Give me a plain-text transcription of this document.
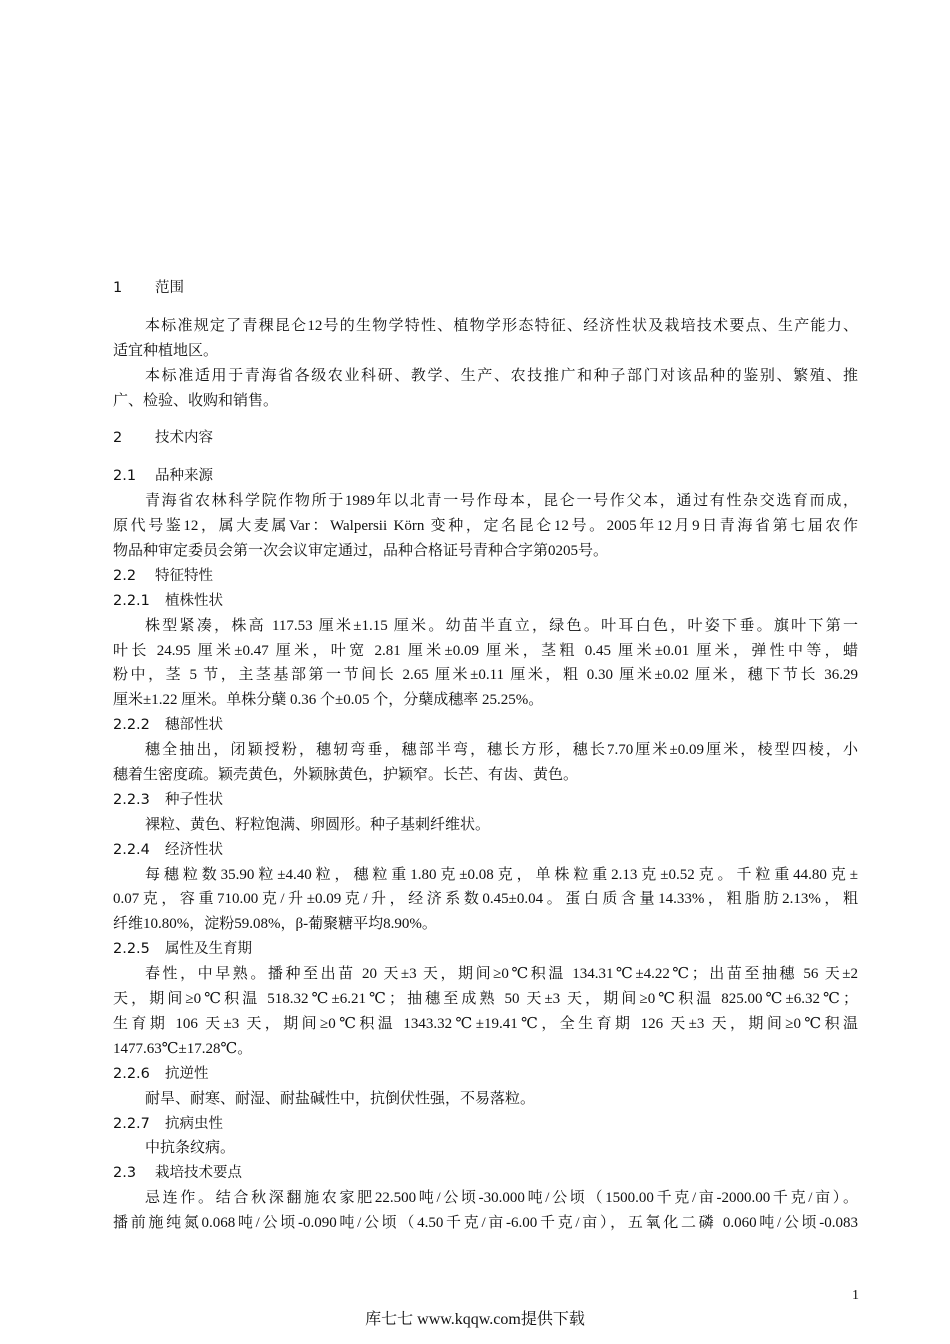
1 范围
本标准规定了青稞昆仑12号的生物学特性、植物学形态特征、经济性状及栽培技术要点、生产能力、
适宜种植地区。
本标准适用于青海省各级农业科研、教学、生产、农技推广和种子部门对该品种的鉴别、繁殖、推
广、检验、收购和销售。
2 技术内容
2.1 品种来源
青海省农林科学院作物所于1989年以北青一号作母本，昆仑一号作父本，通过有性杂交选育而成，
原代号鉴12，属大麦属Var：Walpersii Körn 变种，定名昆仑12号。2005年12月9日青海省第七届农作
物品种审定委员会第一次会议审定通过，品种合格证号青种合字第0205号。
2.2 特征特性
2.2.1 植株性状
株型紧凑，株高 117.53 厘米±1.15 厘米。幼苗半直立，绿色。叶耳白色，叶姿下垂。旗叶下第一
叶长 24.95 厘米±0.47 厘米，叶宽 2.81 厘米±0.09 厘米，茎粗 0.45 厘米±0.01 厘米，弹性中等，蜡
粉中，茎 5 节，主茎基部第一节间长 2.65 厘米±0.11 厘米，粗 0.30 厘米±0.02 厘米，穗下节长 36.29
厘米±1.22 厘米。单株分蘖 0.36 个±0.05 个，分蘖成穗率 25.25%。
2.2.2 穗部性状
穗全抽出，闭颖授粉，穗轫弯垂，穗部半弯，穗长方形，穗长7.70厘米±0.09厘米，棱型四棱，小
穗着生密度疏。颖壳黄色，外颖脉黄色，护颖窄。长芒、有齿、黄色。
2.2.3 种子性状
裸粒、黄色、籽粒饱满、卵圆形。种子基刺纤维状。
2.2.4 经济性状
每穗粒数35.90粒±4.40粒，穗粒重1.80克±0.08克，单株粒重2.13克±0.52克。千粒重44.80克±
0.07克，容重710.00克/升±0.09克/升，经济系数0.45±0.04。蛋白质含量14.33%，粗脂肪2.13%，粗
纤维10.80%，淀粉59.08%，β-葡聚糖平均8.90%。
2.2.5 属性及生育期
春性，中早熟。播种至出苗 20 天±3 天，期间≥0℃积温 134.31℃±4.22℃；出苗至抽穗 56 天±2
天，期间≥0℃积温 518.32℃±6.21℃；抽穗至成熟 50 天±3 天，期间≥0℃积温 825.00℃±6.32℃；
生育期 106 天±3 天，期间≥0℃积温 1343.32℃±19.41℃，全生育期 126 天±3 天，期间≥0℃积温
1477.63℃±17.28℃。
2.2.6 抗逆性
耐旱、耐寒、耐湿、耐盐碱性中，抗倒伏性强，不易落粒。
2.2.7 抗病虫性
中抗条纹病。
2.3 栽培技术要点
忌连作。结合秋深翻施农家肥22.500吨/公顷-30.000吨/公顷（1500.00千克/亩-2000.00千克/亩）。
播前施纯氮0.068吨/公顷-0.090吨/公顷（4.50千克/亩-6.00千克/亩），五氧化二磷 0.060吨/公顷-0.083
1
库七七 www.kqqw.com提供下载
